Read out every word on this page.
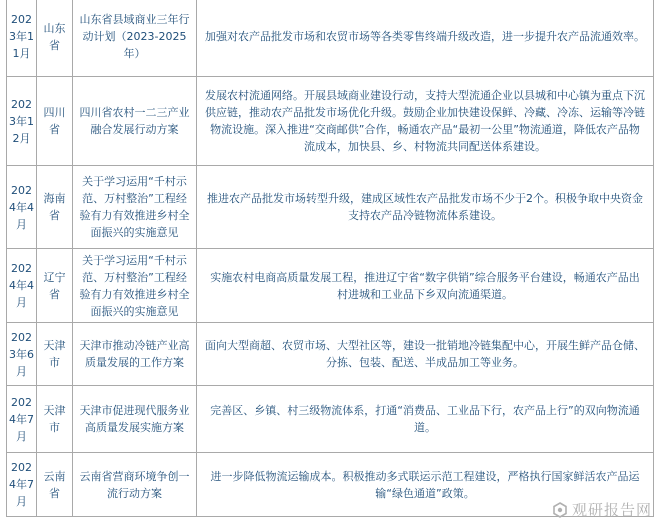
2023年11月	山东省	山东省县域商业三年行动计划（2023-2025年）	加强对农产品批发市场和农贸市场等各类零售终端升级改造，进一步提升农产品流通效率。
2023年12月	四川省	四川省农村一二三产业融合发展行动方案	发展农村流通网络。开展县域商业建设行动，支持大型流通企业以县城和中心镇为重点下沉供应链，推动农产品批发市场优化升级。鼓励企业加快建设保鲜、冷藏、冷冻、运输等冷链物流设施。深入推进“交商邮供”合作，畅通农产品“最初一公里”物流通道，降低农产品物流成本，加快县、乡、村物流共同配送体系建设。
2024年4月	海南省	关于学习运用“千村示范、万村整治”工程经验有力有效推进乡村全面振兴的实施意见	推进农产品批发市场转型升级，建成区域性农产品批发市场不少于2个。积极争取中央资金支持农产品冷链物流体系建设。
2024年4月	辽宁省	关于学习运用“千村示范、万村整治”工程经验有力有效推进乡村全面振兴的实施意见	实施农村电商高质量发展工程，推进辽宁省“数字供销”综合服务平台建设，畅通农产品出村进城和工业品下乡双向流通渠道。
2023年6月	天津市	天津市推动冷链产业高质量发展的工作方案	面向大型商超、农贸市场、大型社区等，建设一批销地冷链集配中心，开展生鲜产品仓储、分拣、包装、配送、半成品加工等业务。
2024年7月	天津市	天津市促进现代服务业高质量发展实施方案	完善区、乡镇、村三级物流体系，打通“消费品、工业品下行，农产品上行”的双向物流通道。
2024年7月	云南省	云南省营商环境争创一流行动方案	进一步降低物流运输成本。积极推动多式联运示范工程建设，严格执行国家鲜活农产品运输“绿色通道”政策。
观研报告网
